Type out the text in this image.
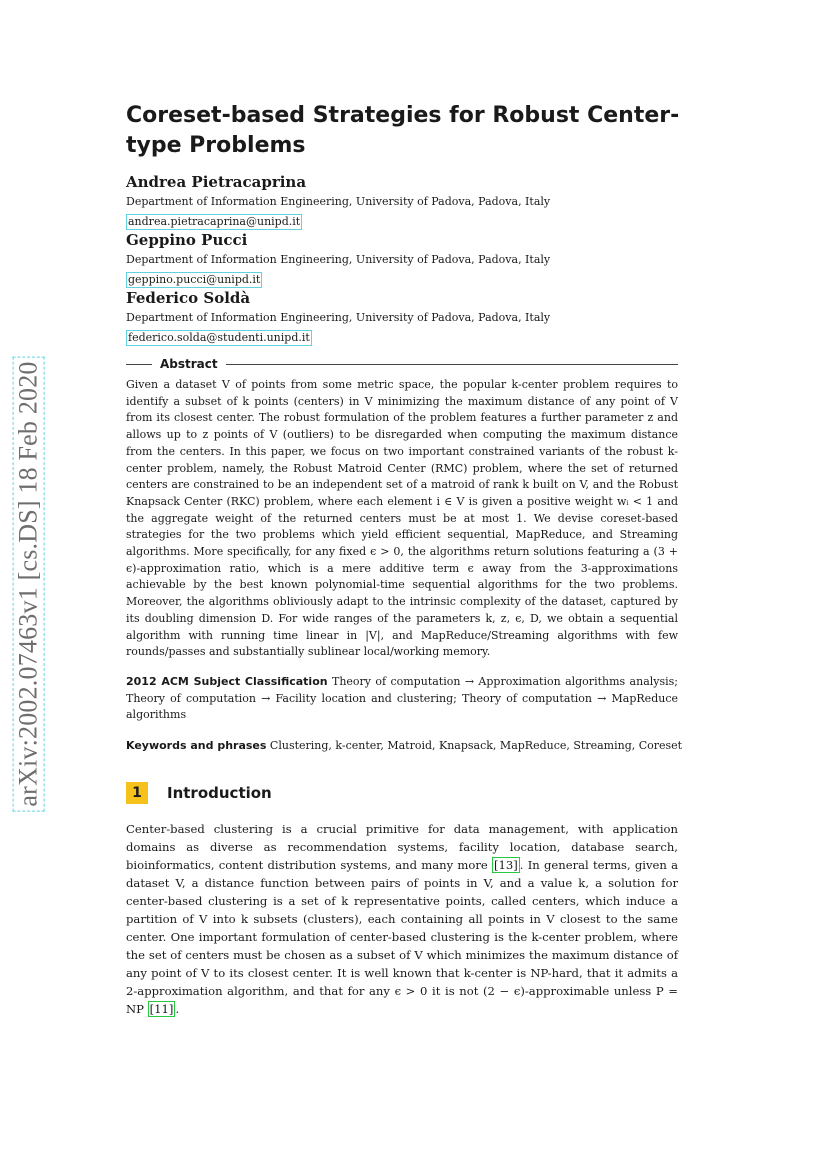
arXiv:2002.07463v1 [cs.DS] 18 Feb 2020
Coreset-based Strategies for Robust Center-type Problems

Andrea Pietracaprina

Department of Information Engineering, University of Padova, Padova, Italy

andrea.pietracaprina@unipd.it

Geppino Pucci

Department of Information Engineering, University of Padova, Padova, Italy

geppino.pucci@unipd.it

Federico Soldà

Department of Information Engineering, University of Padova, Padova, Italy

federico.solda@studenti.unipd.it
Abstract

Given a dataset V of points from some metric space, the popular k-center problem requires to identify a subset of k points (centers) in V minimizing the maximum distance of any point of V from its closest center. The robust formulation of the problem features a further parameter z and allows up to z points of V (outliers) to be disregarded when computing the maximum distance from the centers. In this paper, we focus on two important constrained variants of the robust k-center problem, namely, the Robust Matroid Center (RMC) problem, where the set of returned centers are constrained to be an independent set of a matroid of rank k built on V, and the Robust Knapsack Center (RKC) problem, where each element i ∈ V is given a positive weight wᵢ < 1 and the aggregate weight of the returned centers must be at most 1. We devise coreset-based strategies for the two problems which yield efficient sequential, MapReduce, and Streaming algorithms. More specifically, for any fixed ϵ > 0, the algorithms return solutions featuring a (3 + ϵ)-approximation ratio, which is a mere additive term ϵ away from the 3-approximations achievable by the best known polynomial-time sequential algorithms for the two problems. Moreover, the algorithms obliviously adapt to the intrinsic complexity of the dataset, captured by its doubling dimension D. For wide ranges of the parameters k, z, ϵ, D, we obtain a sequential algorithm with running time linear in |V|, and MapReduce/Streaming algorithms with few rounds/passes and substantially sublinear local/working memory.

2012 ACM Subject Classification Theory of computation → Approximation algorithms analysis; Theory of computation → Facility location and clustering; Theory of computation → MapReduce algorithms

Keywords and phrases Clustering, k-center, Matroid, Knapsack, MapReduce, Streaming, Coreset

1	Introduction

Center-based clustering is a crucial primitive for data management, with application domains as diverse as recommendation systems, facility location, database search, bioinformatics, content distribution systems, and many more [13] . In general terms, given a dataset V, a distance function between pairs of points in V, and a value k, a solution for center-based clustering is a set of k representative points, called centers, which induce a partition of V into k subsets (clusters), each containing all points in V closest to the same center. One important formulation of center-based clustering is the k-center problem, where the set of centers must be chosen as a subset of V which minimizes the maximum distance of any point of V to its closest center. It is well known that k-center is NP-hard, that it admits a 2-approximation algorithm, and that for any ϵ > 0 it is not (2 − ϵ)-approximable unless P = NP [11] .
